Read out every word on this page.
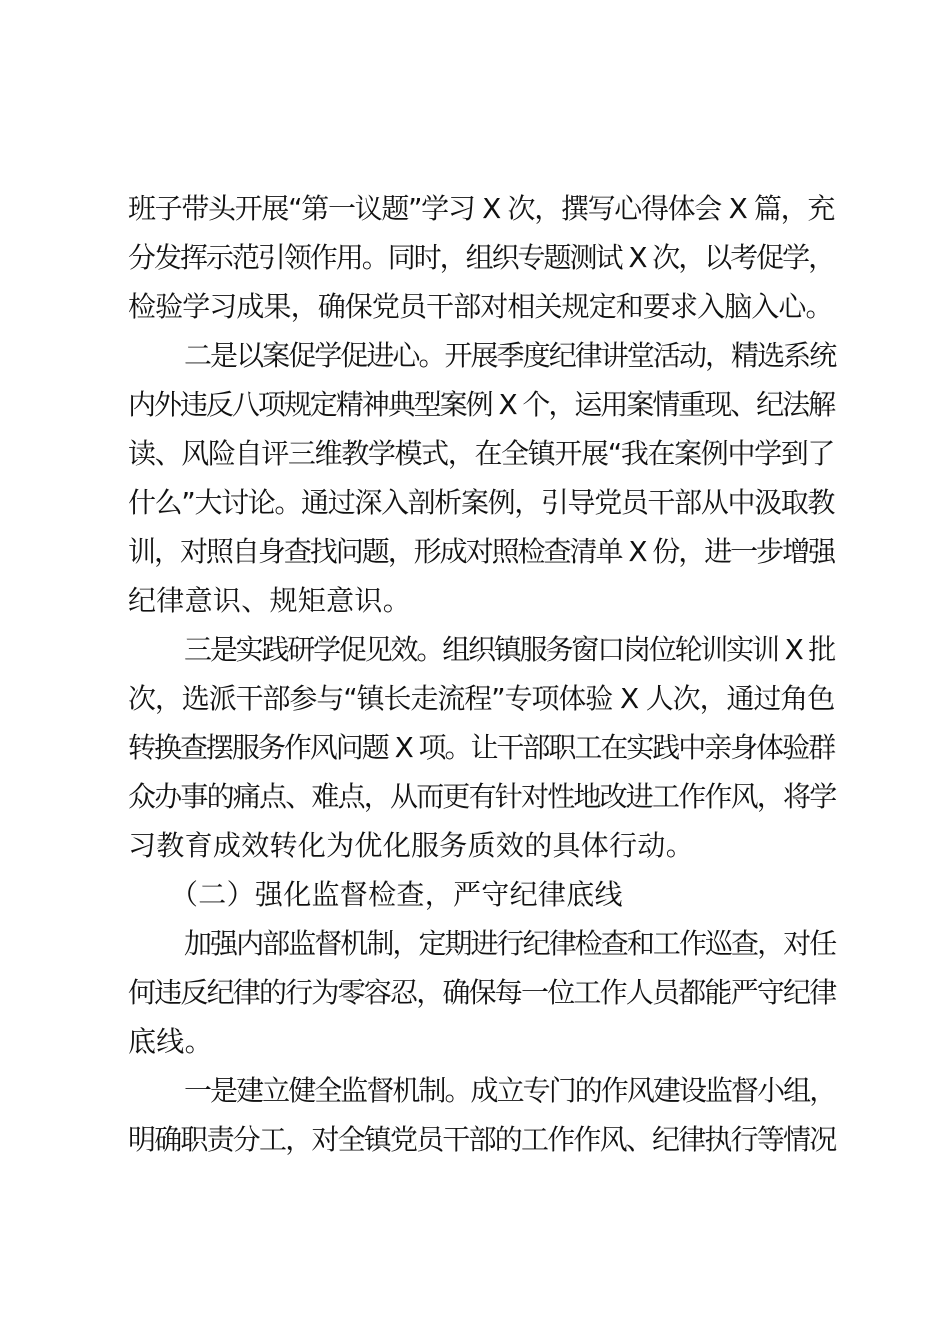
班子带头开展“第一议题”学习 X 次，撰写心得体会 X 篇，充
分发挥示范引领作用。同时，组织专题测试 X 次，以考促学，
检验学习成果，确保党员干部对相关规定和要求入脑入心。
二是以案促学促进心。开展季度纪律讲堂活动，精选系统
内外违反八项规定精神典型案例 X 个，运用案情重现、纪法解
读、风险自评三维教学模式，在全镇开展“我在案例中学到了
什么”大讨论。通过深入剖析案例，引导党员干部从中汲取教
训，对照自身查找问题，形成对照检查清单 X 份，进一步增强
纪律意识、规矩意识。
三是实践研学促见效。组织镇服务窗口岗位轮训实训 X 批
次，选派干部参与“镇长走流程”专项体验 X 人次，通过角色
转换查摆服务作风问题 X 项。让干部职工在实践中亲身体验群
众办事的痛点、难点，从而更有针对性地改进工作作风，将学
习教育成效转化为优化服务质效的具体行动。
（二）强化监督检查，严守纪律底线
加强内部监督机制，定期进行纪律检查和工作巡查，对任
何违反纪律的行为零容忍，确保每一位工作人员都能严守纪律
底线。
一是建立健全监督机制。成立专门的作风建设监督小组，
明确职责分工，对全镇党员干部的工作作风、纪律执行等情况
